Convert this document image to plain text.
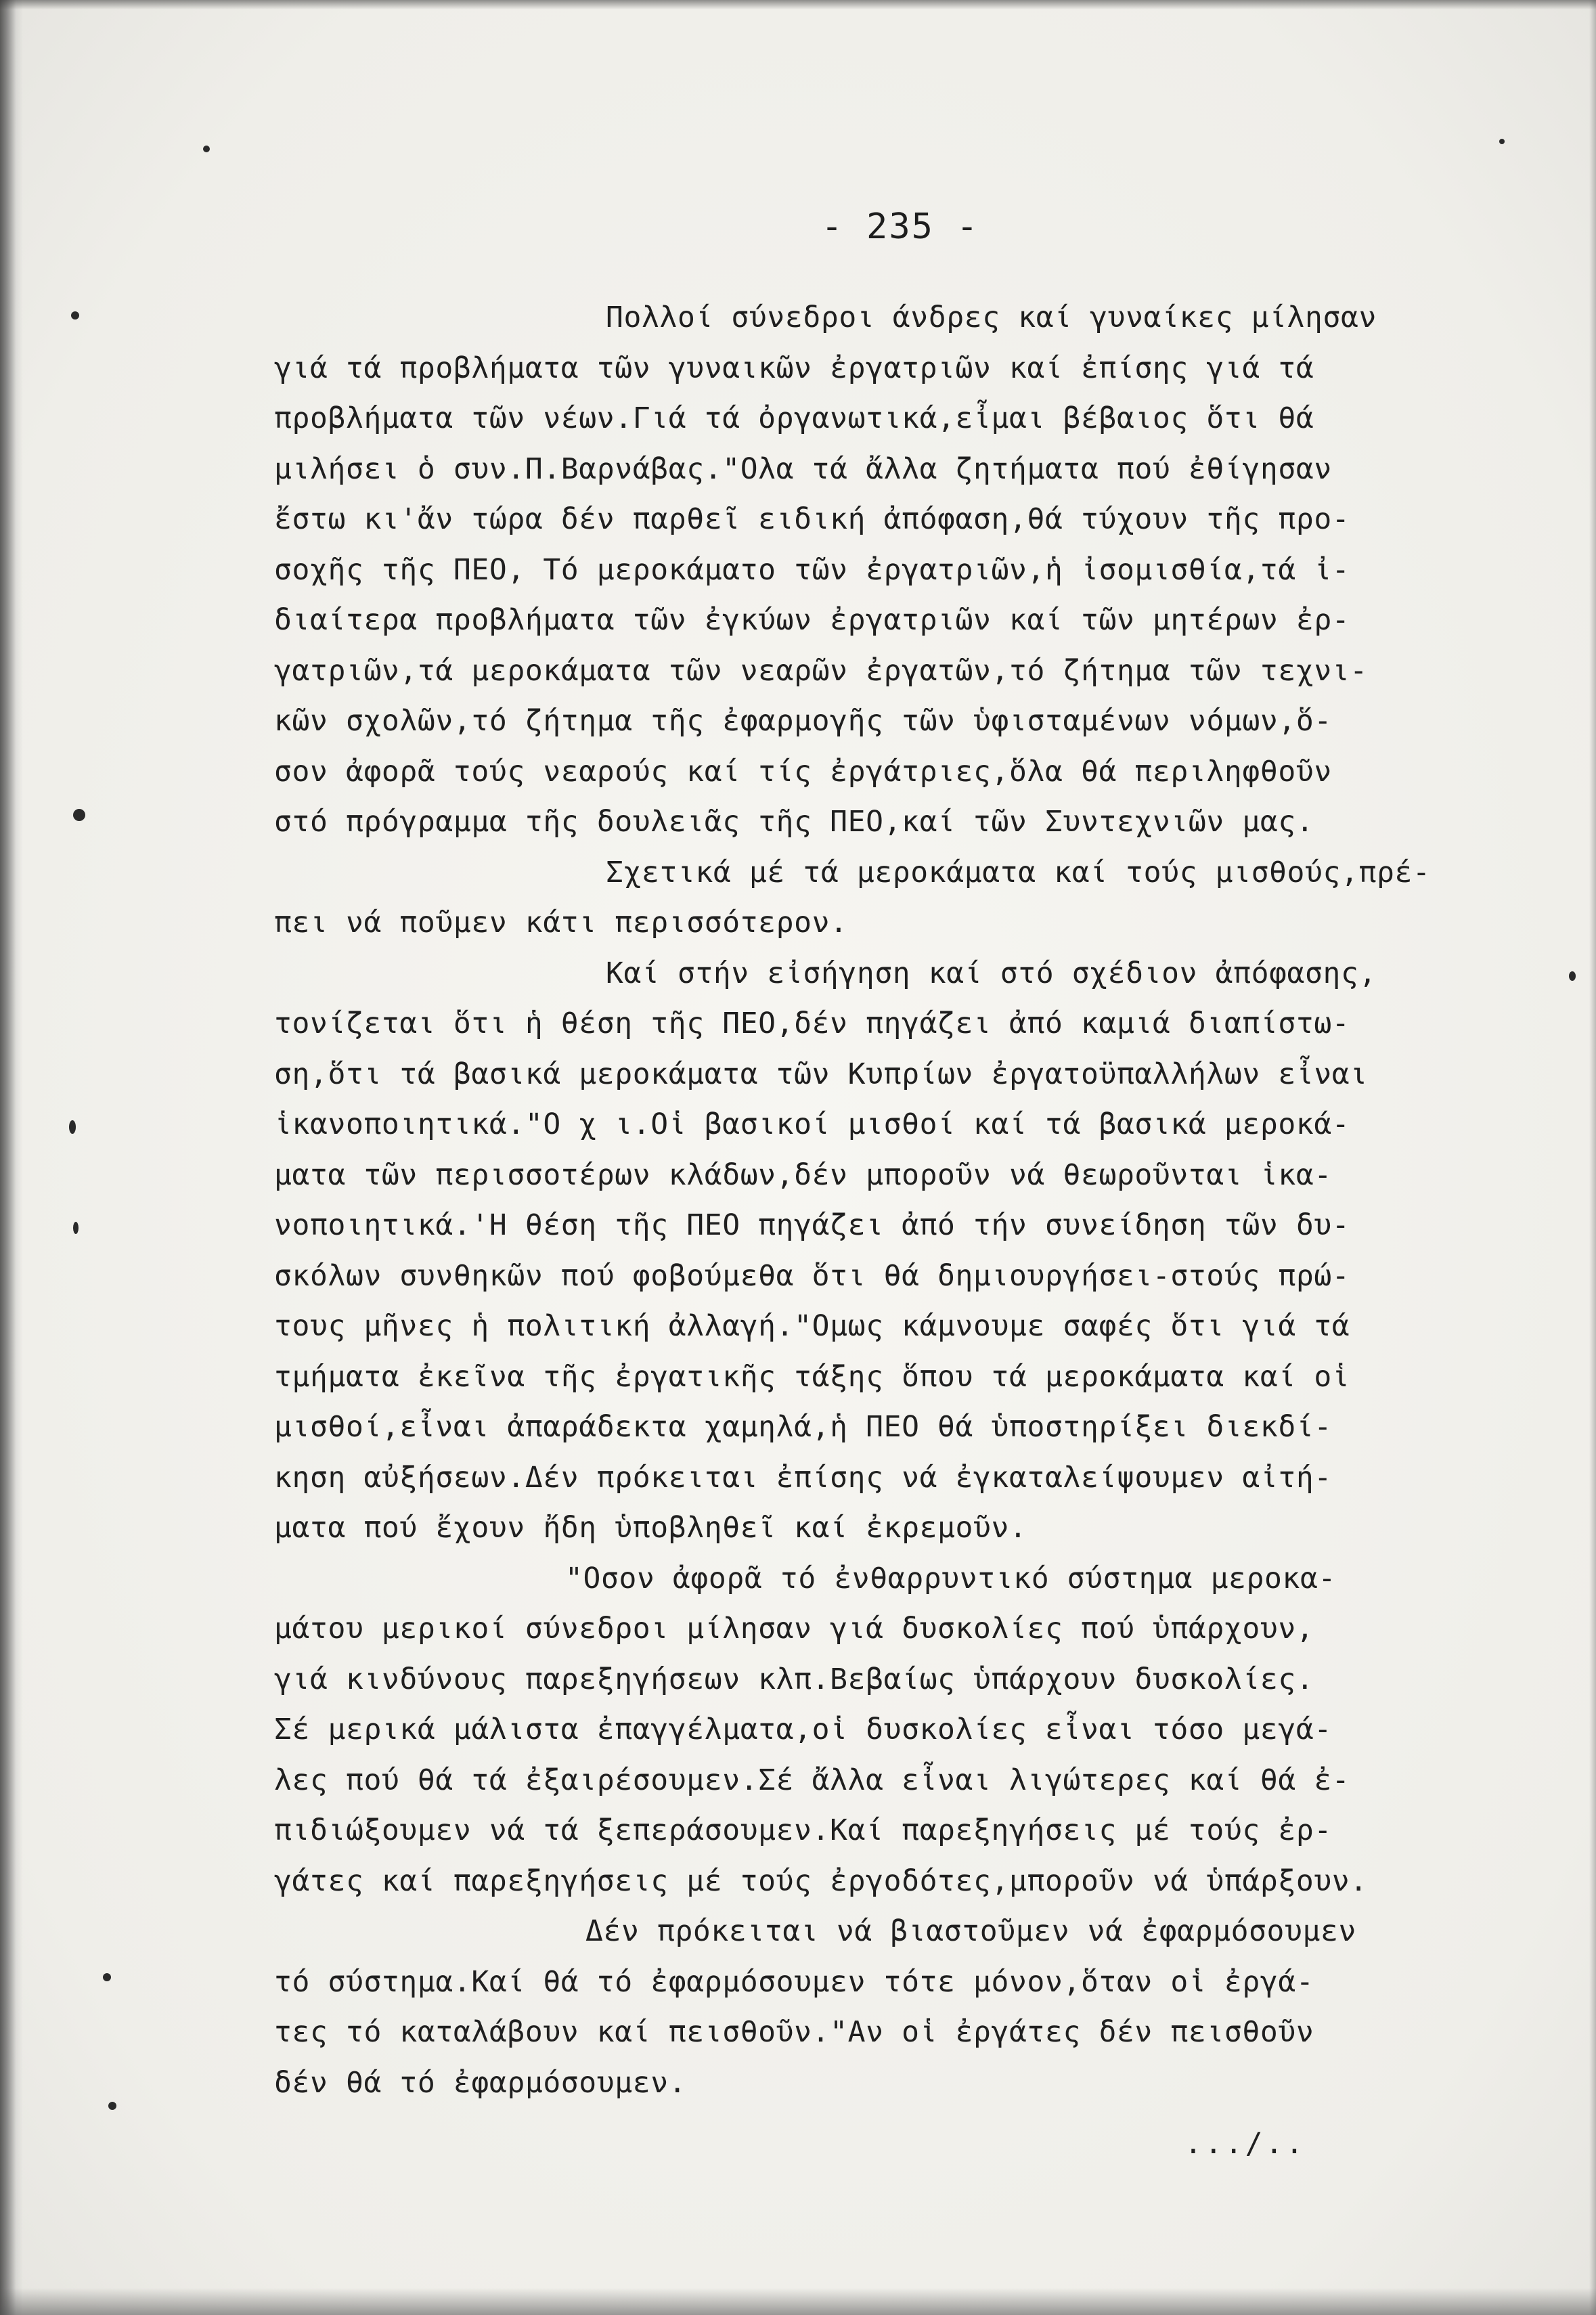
- 235 -
Πολλοί σύνεδροι άνδρες καί γυναίκες μίλησαν
γιά τά προβλήματα τῶν γυναικῶν ἐργατριῶν καί ἐπίσης γιά τά
προβλήματα τῶν νέων.Γιά τά ὀργανωτικά,εἶμαι βέβαιος ὅτι θά
μιλήσει ὁ συν.Π.Βαρνάβας."Ολα τά ἄλλα ζητήματα πού ἐθίγησαν
ἔστω κι'ἄν τώρα δέν παρθεῖ ειδική ἀπόφαση,θά τύχουν τῆς προ-
σοχῆς τῆς ΠΕΟ, Τό μεροκάματο τῶν ἐργατριῶν,ἡ ἰσομισθία,τά ἰ-
διαίτερα προβλήματα τῶν ἐγκύων ἐργατριῶν καί τῶν μητέρων ἐρ-
γατριῶν,τά μεροκάματα τῶν νεαρῶν ἐργατῶν,τό ζήτημα τῶν τεχνι-
κῶν σχολῶν,τό ζήτημα τῆς ἐφαρμογῆς τῶν ὑφισταμένων νόμων,ὅ-
σον ἀφορᾶ τούς νεαρούς καί τίς ἐργάτριες,ὅλα θά περιληφθοῦν
στό πρόγραμμα τῆς δουλειᾶς τῆς ΠΕΟ,καί τῶν Συντεχνιῶν μας.
Σχετικά μέ τά μεροκάματα καί τούς μισθούς,πρέ-
πει νά ποῦμεν κάτι περισσότερον.
Καί στήν εἰσήγηση καί στό σχέδιον ἀπόφασης,
τονίζεται ὅτι ἡ θέση τῆς ΠΕΟ,δέν πηγάζει ἀπό καμιά διαπίστω-
ση,ὅτι τά βασικά μεροκάματα τῶν Κυπρίων ἐργατοϋπαλλήλων εἶναι
ἱκανοποιητικά."Ο χ ι.Οἱ βασικοί μισθοί καί τά βασικά μεροκά-
ματα τῶν περισσοτέρων κλάδων,δέν μποροῦν νά θεωροῦνται ἱκα-
νοποιητικά.'Η θέση τῆς ΠΕΟ πηγάζει ἀπό τήν συνείδηση τῶν δυ-
σκόλων συνθηκῶν πού φοβούμεθα ὅτι θά δημιουργήσει-στούς πρώ-
τους μῆνες ἡ πολιτική ἀλλαγή."Ομως κάμνουμε σαφές ὅτι γιά τά
τμήματα ἐκεῖνα τῆς ἐργατικῆς τάξης ὅπου τά μεροκάματα καί οἱ
μισθοί,εἶναι ἀπαράδεκτα χαμηλά,ἡ ΠΕΟ θά ὑποστηρίξει διεκδί-
κηση αὐξήσεων.Δέν πρόκειται ἐπίσης νά ἐγκαταλείψουμεν αἰτή-
ματα πού ἔχουν ἤδη ὑποβληθεῖ καί ἐκρεμοῦν.
"Οσον ἀφορᾶ τό ἐνθαρρυντικό σύστημα μεροκα-
μάτου μερικοί σύνεδροι μίλησαν γιά δυσκολίες πού ὑπάρχουν,
γιά κινδύνους παρεξηγήσεων κλπ.Βεβαίως ὑπάρχουν δυσκολίες.
Σέ μερικά μάλιστα ἐπαγγέλματα,οἱ δυσκολίες εἶναι τόσο μεγά-
λες πού θά τά ἐξαιρέσουμεν.Σέ ἄλλα εἶναι λιγώτερες καί θά ἐ-
πιδιώξουμεν νά τά ξεπεράσουμεν.Καί παρεξηγήσεις μέ τούς ἐρ-
γάτες καί παρεξηγήσεις μέ τούς ἐργοδότες,μποροῦν νά ὑπάρξουν.
Δέν πρόκειται νά βιαστοῦμεν νά ἐφαρμόσουμεν
τό σύστημα.Καί θά τό ἐφαρμόσουμεν τότε μόνον,ὅταν οἱ ἐργά-
τες τό καταλάβουν καί πεισθοῦν."Αν οἱ ἐργάτες δέν πεισθοῦν
δέν θά τό ἐφαρμόσουμεν.
.../..
